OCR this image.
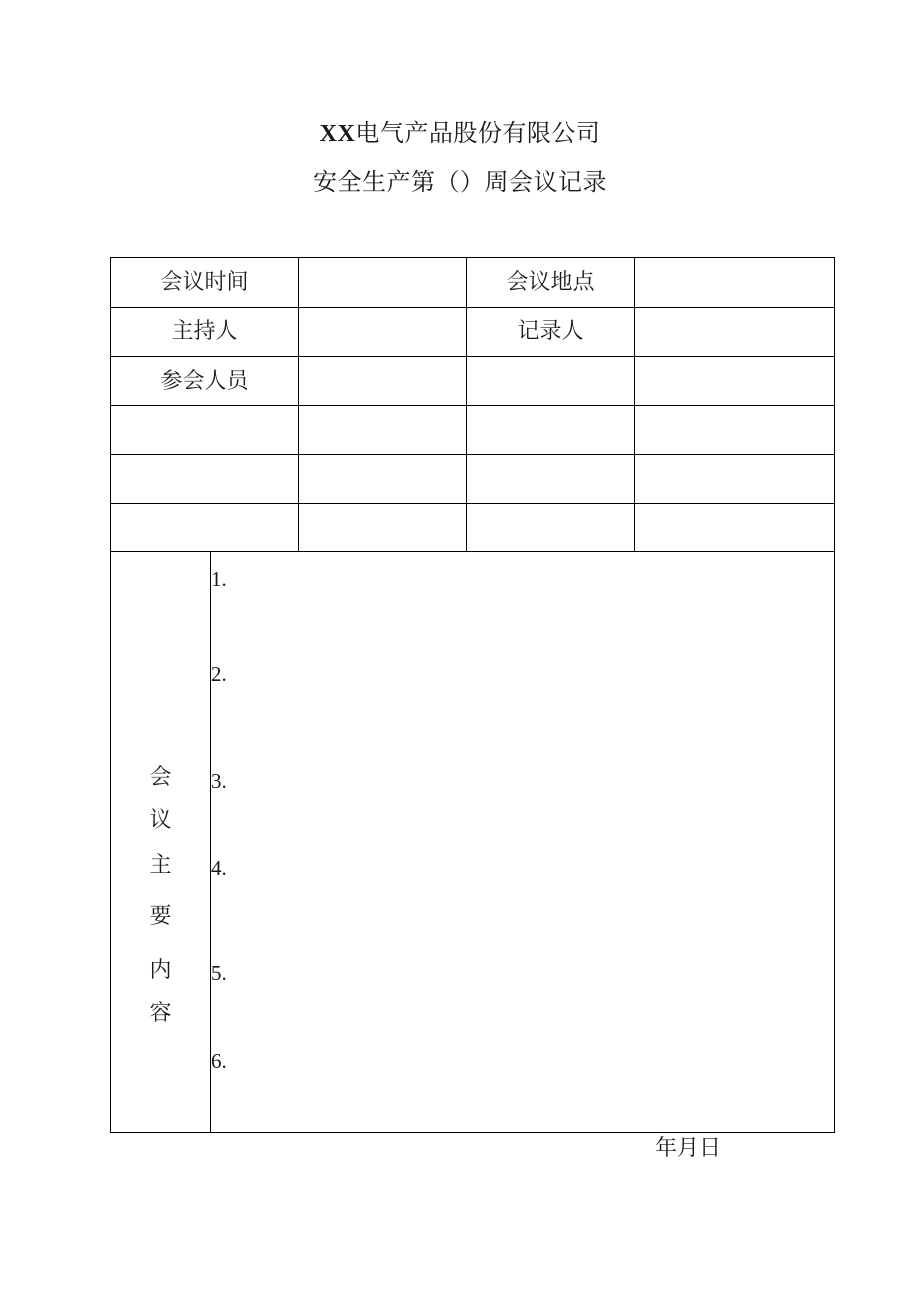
XX电气产品股份有限公司
安全生产第（）周会议记录
会议时间	会议地点
主持人	记录人
参会人员
会
议
主
要
内
容
1.
2.
3.
4.
5.
6.
年月日
